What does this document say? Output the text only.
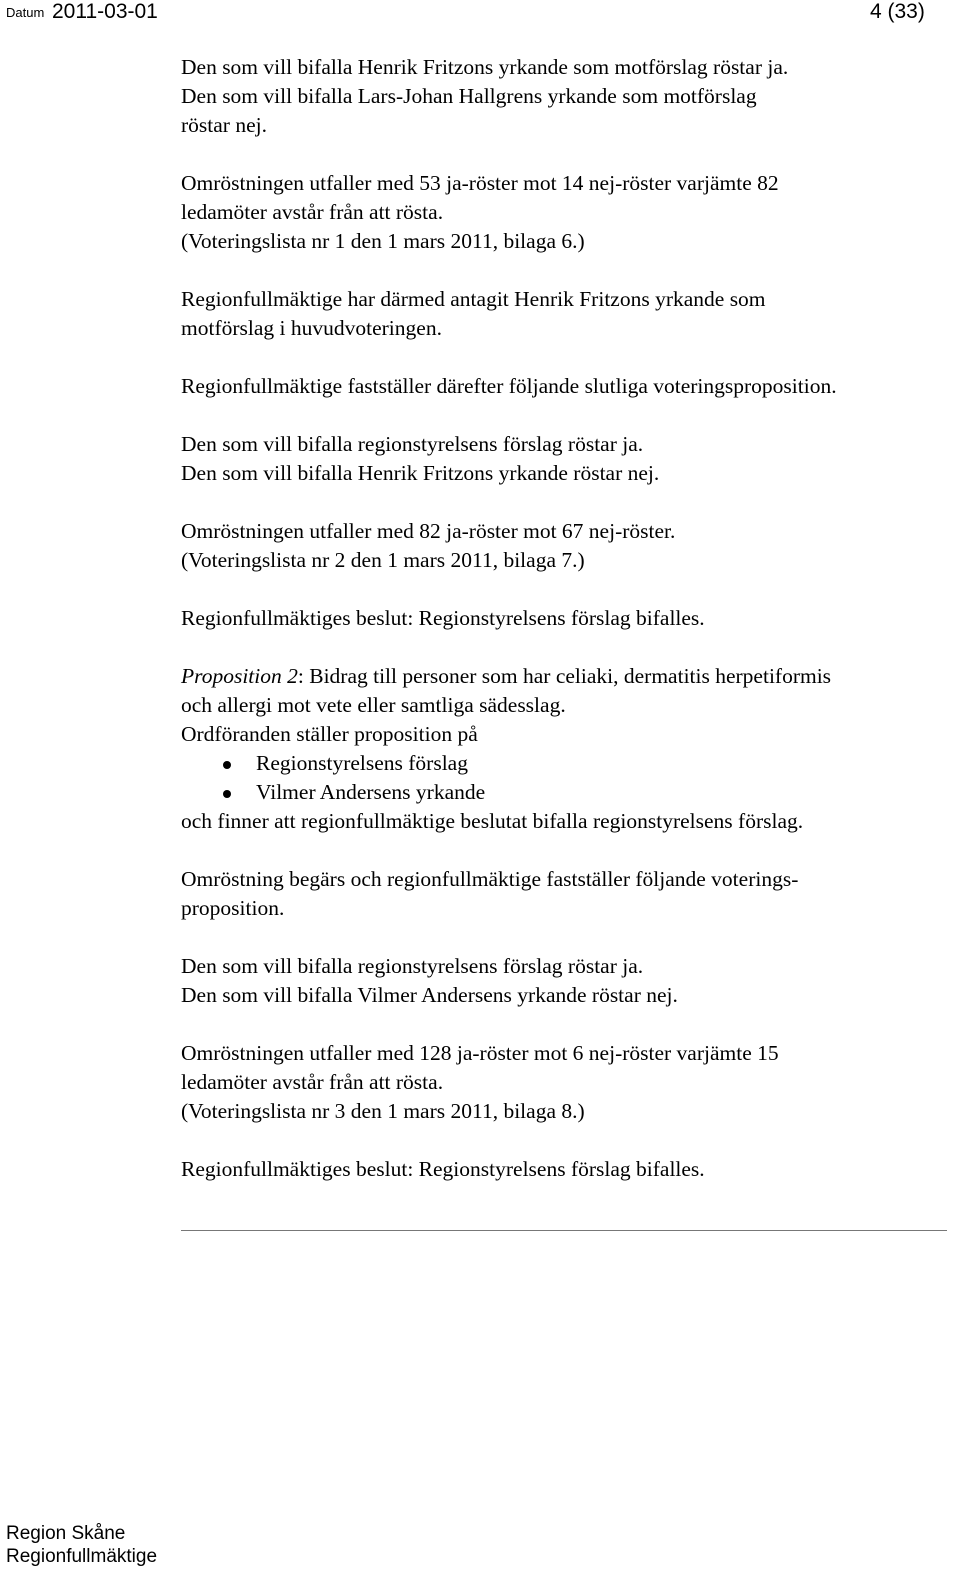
Datum 2011-03-01	4 (33)

Den som vill bifalla Henrik Fritzons yrkande som motförslag röstar ja.
Den som vill bifalla Lars-Johan Hallgrens yrkande som motförslag
röstar nej.

Omröstningen utfaller med 53 ja-röster mot 14 nej-röster varjämte 82
ledamöter avstår från att rösta.
(Voteringslista nr 1 den 1 mars 2011, bilaga 6.)

Regionfullmäktige har därmed antagit Henrik Fritzons yrkande som
motförslag i huvudvoteringen.

Regionfullmäktige fastställer därefter följande slutliga voteringsproposition.

Den som vill bifalla regionstyrelsens förslag röstar ja.
Den som vill bifalla Henrik Fritzons yrkande röstar nej.

Omröstningen utfaller med 82 ja-röster mot 67 nej-röster.
(Voteringslista nr 2 den 1 mars 2011, bilaga 7.)

Regionfullmäktiges beslut: Regionstyrelsens förslag bifalles.

Proposition 2: Bidrag till personer som har celiaki, dermatitis herpetiformis
och allergi mot vete eller samtliga sädesslag.
Ordföranden ställer proposition på
Regionstyrelsens förslag
Vilmer Andersens yrkande

och finner att regionfullmäktige beslutat bifalla regionstyrelsens förslag.

Omröstning begärs och regionfullmäktige fastställer följande voterings-
proposition.

Den som vill bifalla regionstyrelsens förslag röstar ja.
Den som vill bifalla Vilmer Andersens yrkande röstar nej.

Omröstningen utfaller med 128 ja-röster mot 6 nej-röster varjämte 15
ledamöter avstår från att rösta.
(Voteringslista nr 3 den 1 mars 2011, bilaga 8.)

Regionfullmäktiges beslut: Regionstyrelsens förslag bifalles.

Region Skåne
Regionfullmäktige
